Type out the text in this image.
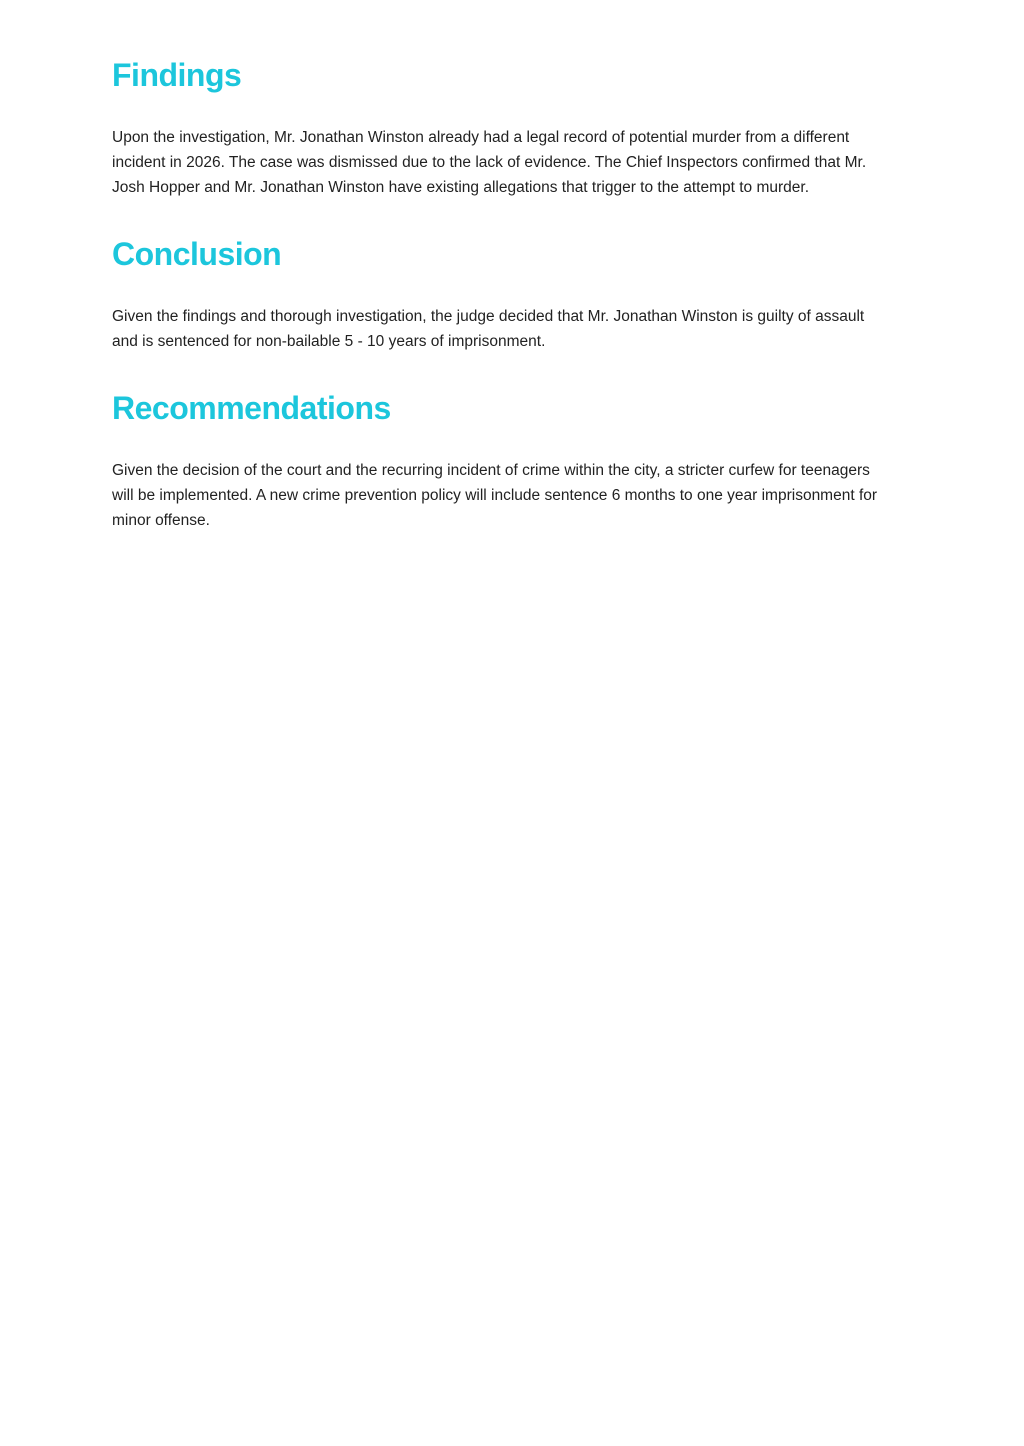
Findings

Upon the investigation, Mr. Jonathan Winston already had a legal record of potential murder from a different
incident in 2026. The case was dismissed due to the lack of evidence. The Chief Inspectors confirmed that Mr.
Josh Hopper and Mr. Jonathan Winston have existing allegations that trigger to the attempt to murder.

Conclusion

Given the findings and thorough investigation, the judge decided that Mr. Jonathan Winston is guilty of assault
and is sentenced for non-bailable 5 - 10 years of imprisonment.

Recommendations

Given the decision of the court and the recurring incident of crime within the city, a stricter curfew for teenagers
will be implemented. A new crime prevention policy will include sentence 6 months to one year imprisonment for
minor offense.
